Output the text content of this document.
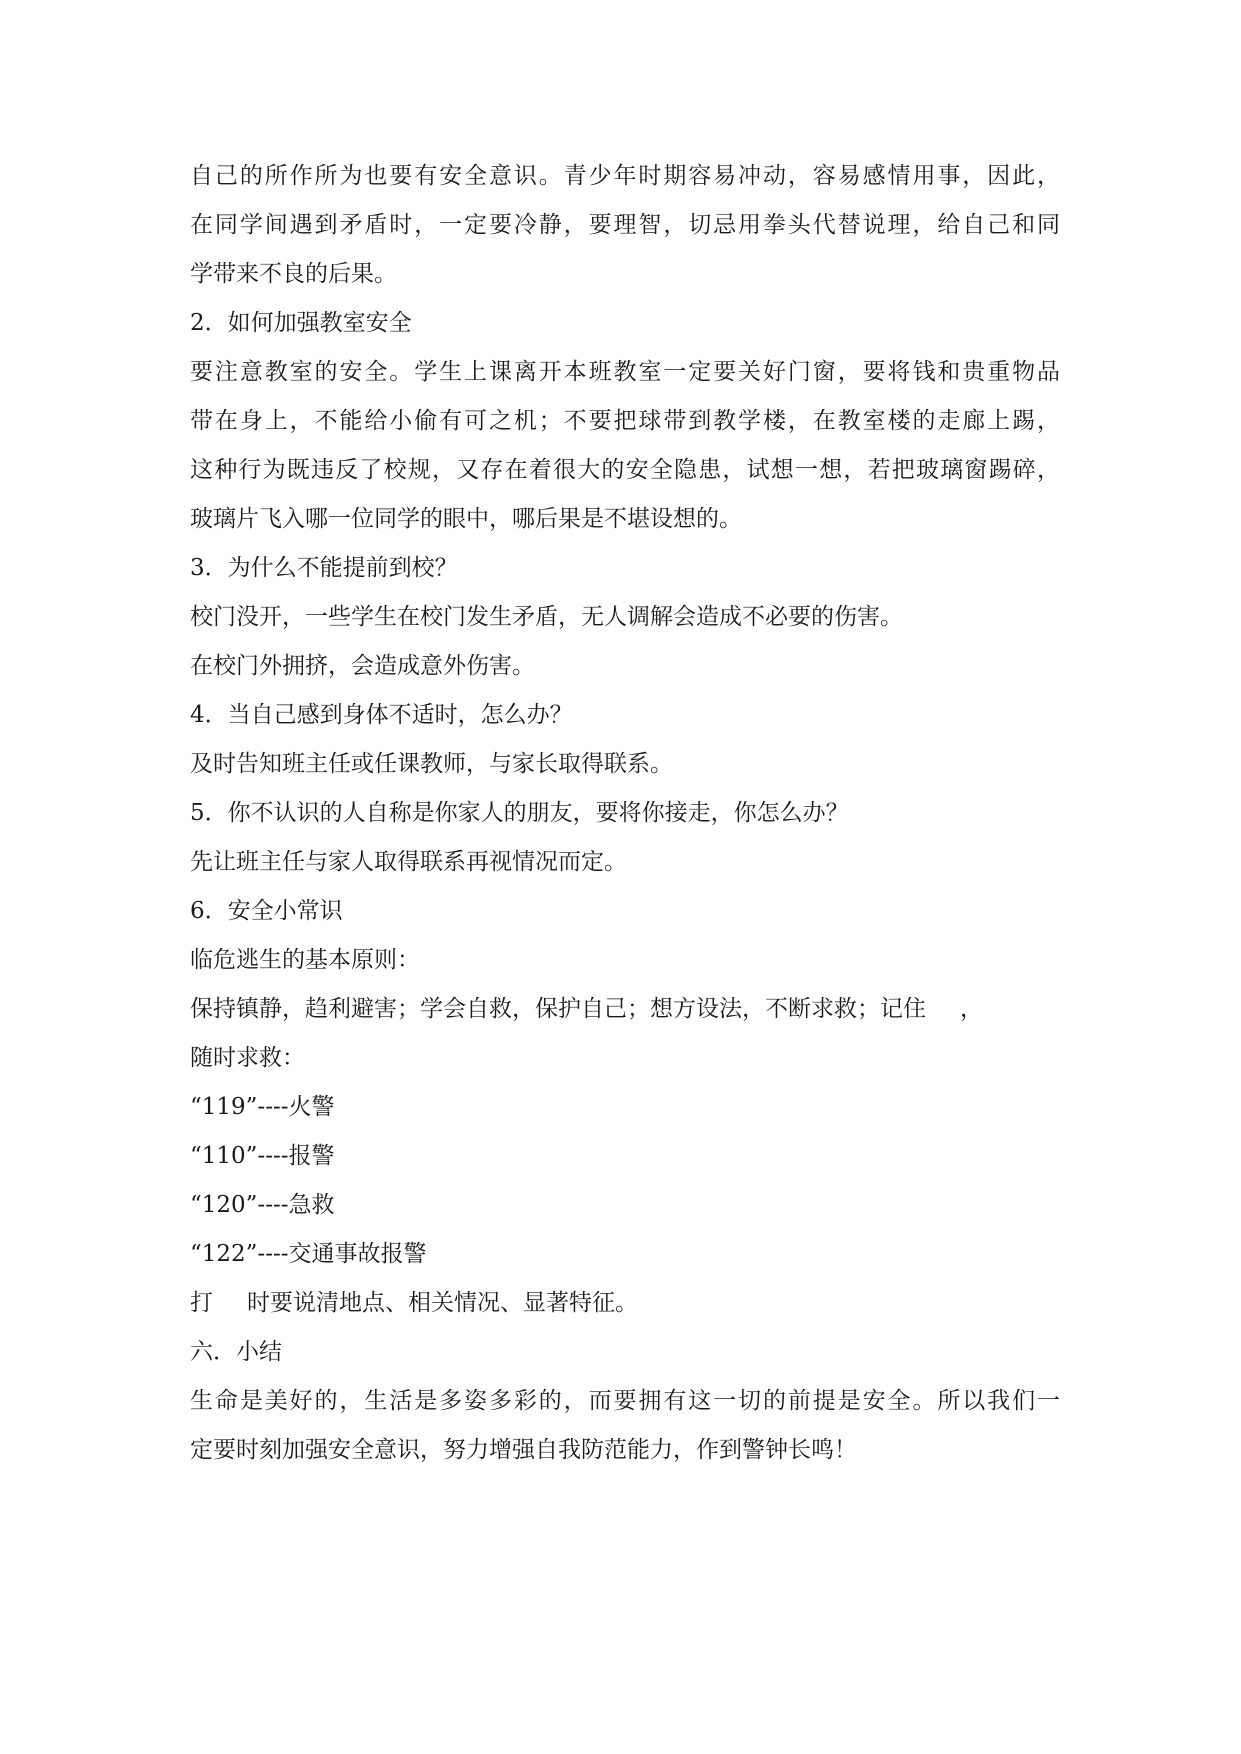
自己的所作所为也要有安全意识。青少年时期容易冲动，容易感情用事，因此，
在同学间遇到矛盾时，一定要冷静，要理智，切忌用拳头代替说理，给自己和同
学带来不良的后果。
2．如何加强教室安全
要注意教室的安全。学生上课离开本班教室一定要关好门窗，要将钱和贵重物品
带在身上，不能给小偷有可之机；不要把球带到教学楼，在教室楼的走廊上踢，
这种行为既违反了校规，又存在着很大的安全隐患，试想一想，若把玻璃窗踢碎，
玻璃片飞入哪一位同学的眼中，哪后果是不堪设想的。
3．为什么不能提前到校？
校门没开，一些学生在校门发生矛盾，无人调解会造成不必要的伤害。
在校门外拥挤，会造成意外伤害。
4．当自己感到身体不适时，怎么办？
及时告知班主任或任课教师，与家长取得联系。
5．你不认识的人自称是你家人的朋友，要将你接走，你怎么办？
先让班主任与家人取得联系再视情况而定。
6．安全小常识
临危逃生的基本原则：
保持镇静，趋利避害；学会自救，保护自己；想方设法，不断求救；记住 ，
随时求救：
“119”----火警
“110”----报警
“120”----急救
“122”----交通事故报警
打 时要说清地点、相关情况、显著特征。
六．小结
生命是美好的，生活是多姿多彩的，而要拥有这一切的前提是安全。所以我们一
定要时刻加强安全意识，努力增强自我防范能力，作到警钟长鸣！
